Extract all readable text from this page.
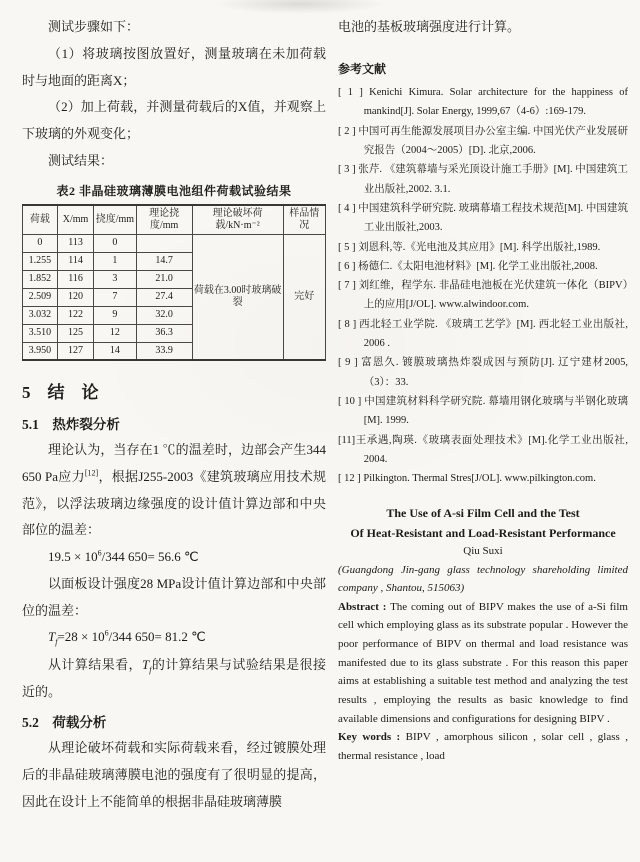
测试步骤如下：

（1）将玻璃按图放置好，测量玻璃在未加荷载时与地面的距离X；

（2）加上荷载，并测量荷载后的X值，并观察上下玻璃的外观变化；

测试结果：

表2 非晶硅玻璃薄膜电池组件荷载试验结果
荷载	X/mm	挠度/mm	理论挠度/mm	理论破坏荷载/kN·m⁻²	样品情况
0	113	0		荷载在3.00时玻璃破裂	完好
1.255	114	1	14.7		
1.852	116	3	21.0		
2.509	120	7	27.4		
3.032	122	9	32.0		
3.510	125	12	36.3		
3.950	127	14	33.9		
5　结　论
5.1　热炸裂分析

理论认为，当存在1 ℃的温差时，边部会产生344 650 Pa应力[12]，根据J255-2003《建筑玻璃应用技术规范》，以浮法玻璃边缘强度的设计值计算边部和中央部位的温差：

$19.5 \times 10^6/344$ 650= 56.6 ℃

以面板设计强度28 MPa设计值计算边部和中央部位的温差：

$T_f=28 \times 10^6/344$ 650= 81.2 ℃

从计算结果看，$T_f$的计算结果与试验结果是很接近的。

5.2　荷载分析

从理论破坏荷载和实际荷载来看，经过镀膜处理后的非晶硅玻璃薄膜电池的强度有了很明显的提高，因此在设计上不能简单的根据非晶硅玻璃薄膜

电池的基板玻璃强度进行计算。

参考文献
[ 1 ] Kenichi Kimura. Solar architecture for the happiness of mankind[J]. Solar Energy, 1999,67（4-6）:169-179.
[ 2 ] 中国可再生能源发展项目办公室主编. 中国光伏产业发展研究报告（2004～2005）[D]. 北京,2006.
[ 3 ] 张芹. 《建筑幕墙与采光顶设计施工手册》[M]. 中国建筑工业出版社,2002. 3.1.
[ 4 ] 中国建筑科学研究院. 玻璃幕墙工程技术规范[M]. 中国建筑工业出版社,2003.
[ 5 ] 刘恩科,等.《光电池及其应用》[M]. 科学出版社,1989.
[ 6 ] 杨德仁.《太阳电池材料》[M]. 化学工业出版社,2008.
[ 7 ] 刘红维，程学东. 非晶硅电池板在光伏建筑一体化（BIPV）上的应用[J/OL]. www.alwindoor.com.
[ 8 ] 西北轻工业学院. 《玻璃工艺学》[M]. 西北轻工业出版社, 2006 .
[ 9 ] 富恩久. 镀膜玻璃热炸裂成因与预防[J]. 辽宁建材2005,（3）：33.
[ 10 ] 中国建筑材料科学研究院. 幕墙用钢化玻璃与半钢化玻璃[M]. 1999.
[11]王承遇,陶瑛.《玻璃表面处理技术》[M].化学工业出版社, 2004.
[ 12 ] Pilkington. Thermal Stres[J/OL]. www.pilkington.com.
The Use of A-si Film Cell and the Test
Of Heat-Resistant and Load-Resistant Performance
Qiu Suxi
(Guangdong Jin-gang glass technology shareholding limited company , Shantou, 515063)

Abstract : The coming out of BIPV makes the use of a-Si film cell which employing glass as its substrate popular . However the poor performance of BIPV on thermal and load resistance was manifested due to its glass substrate . For this reason this paper aims at establishing a suitable test method and analyzing the test results , employing the results as basic knowledge to find available dimensions and configurations for designing BIPV .

Key words : BIPV , amorphous silicon , solar cell , glass , thermal resistance , load
